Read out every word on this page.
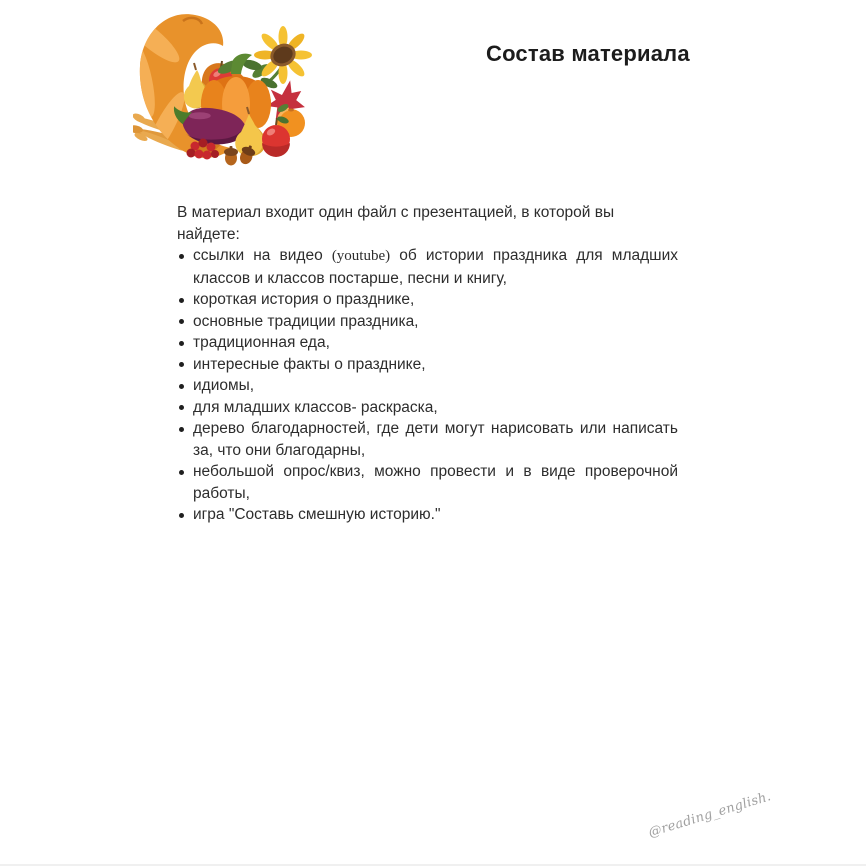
Состав материала

В материал входит один файл с презентацией, в которой вы найдете:

ссылки на видео (youtube) об истории праздника для младших классов и классов постарше, песни и книгу,
короткая история о празднике,
основные традиции праздника,
традиционная еда,
интересные факты о празднике,
идиомы,
для младших классов- раскраска,
дерево благодарностей, где дети могут нарисовать или написать за, что они благодарны,
небольшой опрос/квиз, можно провести и в виде проверочной работы,
игра "Составь смешную историю."
@reading_english.
